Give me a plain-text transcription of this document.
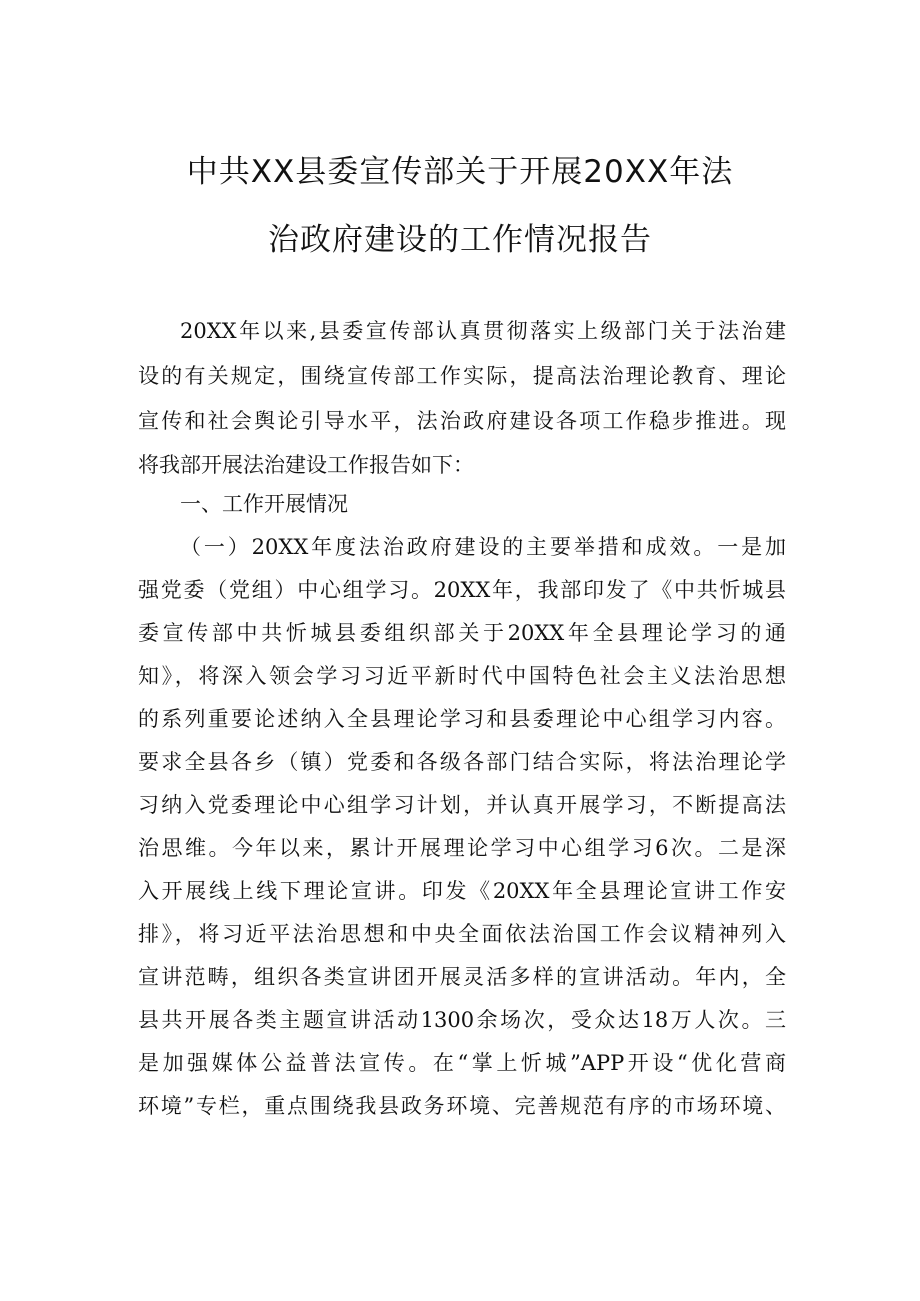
中共XX县委宣传部关于开展20XX年法
治政府建设的工作情况报告
20XX年以来,县委宣传部认真贯彻落实上级部门关于法治建
设的有关规定，围绕宣传部工作实际，提高法治理论教育、理论
宣传和社会舆论引导水平，法治政府建设各项工作稳步推进。现
将我部开展法治建设工作报告如下：
一、工作开展情况
（一）20XX年度法治政府建设的主要举措和成效。一是加
强党委（党组）中心组学习。20XX年，我部印发了《中共忻城县
委宣传部中共忻城县委组织部关于20XX年全县理论学习的通
知》，将深入领会学习习近平新时代中国特色社会主义法治思想
的系列重要论述纳入全县理论学习和县委理论中心组学习内容。
要求全县各乡（镇）党委和各级各部门结合实际，将法治理论学
习纳入党委理论中心组学习计划，并认真开展学习，不断提高法
治思维。今年以来，累计开展理论学习中心组学习6次。二是深
入开展线上线下理论宣讲。印发《20XX年全县理论宣讲工作安
排》，将习近平法治思想和中央全面依法治国工作会议精神列入
宣讲范畴，组织各类宣讲团开展灵活多样的宣讲活动。年内，全
县共开展各类主题宣讲活动1300余场次，受众达18万人次。三
是加强媒体公益普法宣传。在“掌上忻城”APP开设“优化营商
环境”专栏，重点围绕我县政务环境、完善规范有序的市场环境、
